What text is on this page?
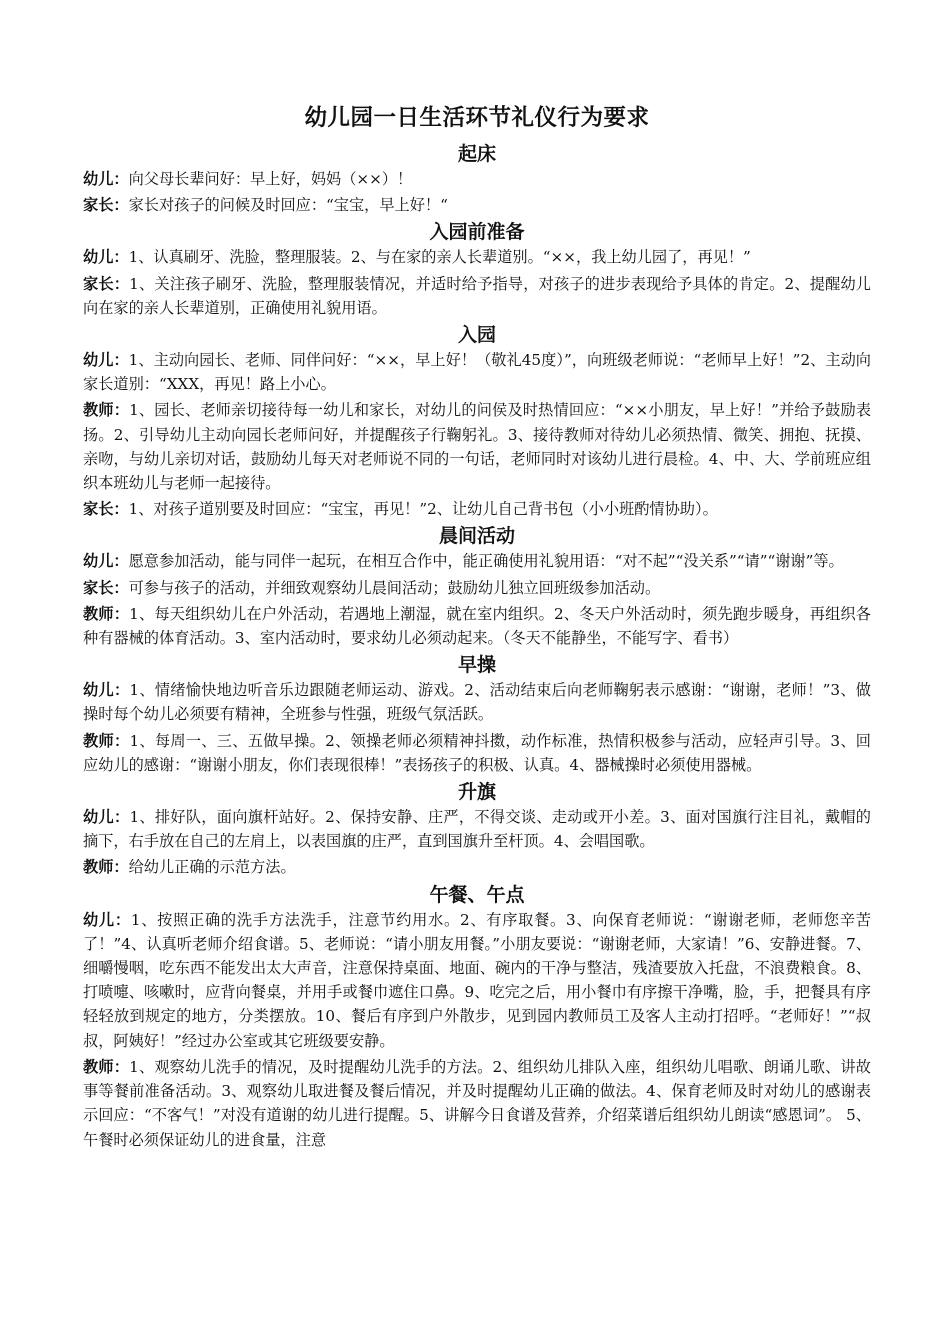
幼儿园一日生活环节礼仪行为要求
起床

幼儿：向父母长辈问好：早上好，妈妈（××）！

家长：家长对孩子的问候及时回应：“宝宝，早上好！“

入园前准备

幼儿：1、认真刷牙、洗脸，整理服装。2、与在家的亲人长辈道别。“××，我上幼儿园了，再见！”

家长：1、关注孩子刷牙、洗脸，整理服装情况，并适时给予指导，对孩子的进步表现给予具体的肯定。2、提醒幼儿向在家的亲人长辈道别，正确使用礼貌用语。

入园

幼儿：1、主动向园长、老师、同伴问好：“××，早上好！（敬礼45度）”，向班级老师说：“老师早上好！”2、主动向家长道别：“XXX，再见！路上小心。

教师：1、园长、老师亲切接待每一幼儿和家长，对幼儿的问侯及时热情回应：“××小朋友，早上好！”并给予鼓励表扬。2、引导幼儿主动向园长老师问好，并提醒孩子行鞠躬礼。3、接待教师对待幼儿必须热情、微笑、拥抱、抚摸、亲吻，与幼儿亲切对话，鼓励幼儿每天对老师说不同的一句话，老师同时对该幼儿进行晨检。4、中、大、学前班应组织本班幼儿与老师一起接待。

家长：1、对孩子道别要及时回应：“宝宝，再见！”2、让幼儿自己背书包（小小班酌情协助）。

晨间活动

幼儿：愿意参加活动，能与同伴一起玩，在相互合作中，能正确使用礼貌用语：“对不起”“没关系”“请”“谢谢”等。

家长：可参与孩子的活动，并细致观察幼儿晨间活动；鼓励幼儿独立回班级参加活动。

教师：1、每天组织幼儿在户外活动，若遇地上潮湿，就在室内组织。2、冬天户外活动时，须先跑步暖身，再组织各种有器械的体育活动。3、室内活动时，要求幼儿必须动起来。（冬天不能静坐，不能写字、看书）

早操

幼儿：1、情绪愉快地边听音乐边跟随老师运动、游戏。2、活动结束后向老师鞠躬表示感谢：“谢谢，老师！”3、做操时每个幼儿必须要有精神，全班参与性强，班级气氛活跃。

教师：1、每周一、三、五做早操。2、领操老师必须精神抖擞，动作标准，热情积极参与活动，应轻声引导。3、回应幼儿的感谢：“谢谢小朋友，你们表现很棒！”表扬孩子的积极、认真。4、器械操时必须使用器械。

升旗

幼儿：1、排好队，面向旗杆站好。2、保持安静、庄严，不得交谈、走动或开小差。3、面对国旗行注目礼，戴帽的摘下，右手放在自己的左肩上，以表国旗的庄严，直到国旗升至杆顶。4、会唱国歌。

教师：给幼儿正确的示范方法。

午餐、午点

幼儿：1、按照正确的洗手方法洗手，注意节约用水。2、有序取餐。3、向保育老师说：“谢谢老师，老师您辛苦了！”4、认真听老师介绍食谱。5、老师说：“请小朋友用餐。”小朋友要说：“谢谢老师，大家请！”6、安静进餐。7、细嚼慢咽，吃东西不能发出太大声音，注意保持桌面、地面、碗内的干净与整洁，残渣要放入托盘，不浪费粮食。8、打喷嚏、咳嗽时，应背向餐桌，并用手或餐巾遮住口鼻。9、吃完之后，用小餐巾有序擦干净嘴，脸，手，把餐具有序轻轻放到规定的地方，分类摆放。10、餐后有序到户外散步，见到园内教师员工及客人主动打招呼。“老师好！”“叔叔，阿姨好！”经过办公室或其它班级要安静。

教师：1、观察幼儿洗手的情况，及时提醒幼儿洗手的方法。2、组织幼儿排队入座，组织幼儿唱歌、朗诵儿歌、讲故事等餐前准备活动。3、观察幼儿取进餐及餐后情况，并及时提醒幼儿正确的做法。4、保育老师及时对幼儿的感谢表示回应：“不客气！”对没有道谢的幼儿进行提醒。5、讲解今日食谱及营养，介绍菜谱后组织幼儿朗读“感恩词”。 5、午餐时必须保证幼儿的进食量，注意
